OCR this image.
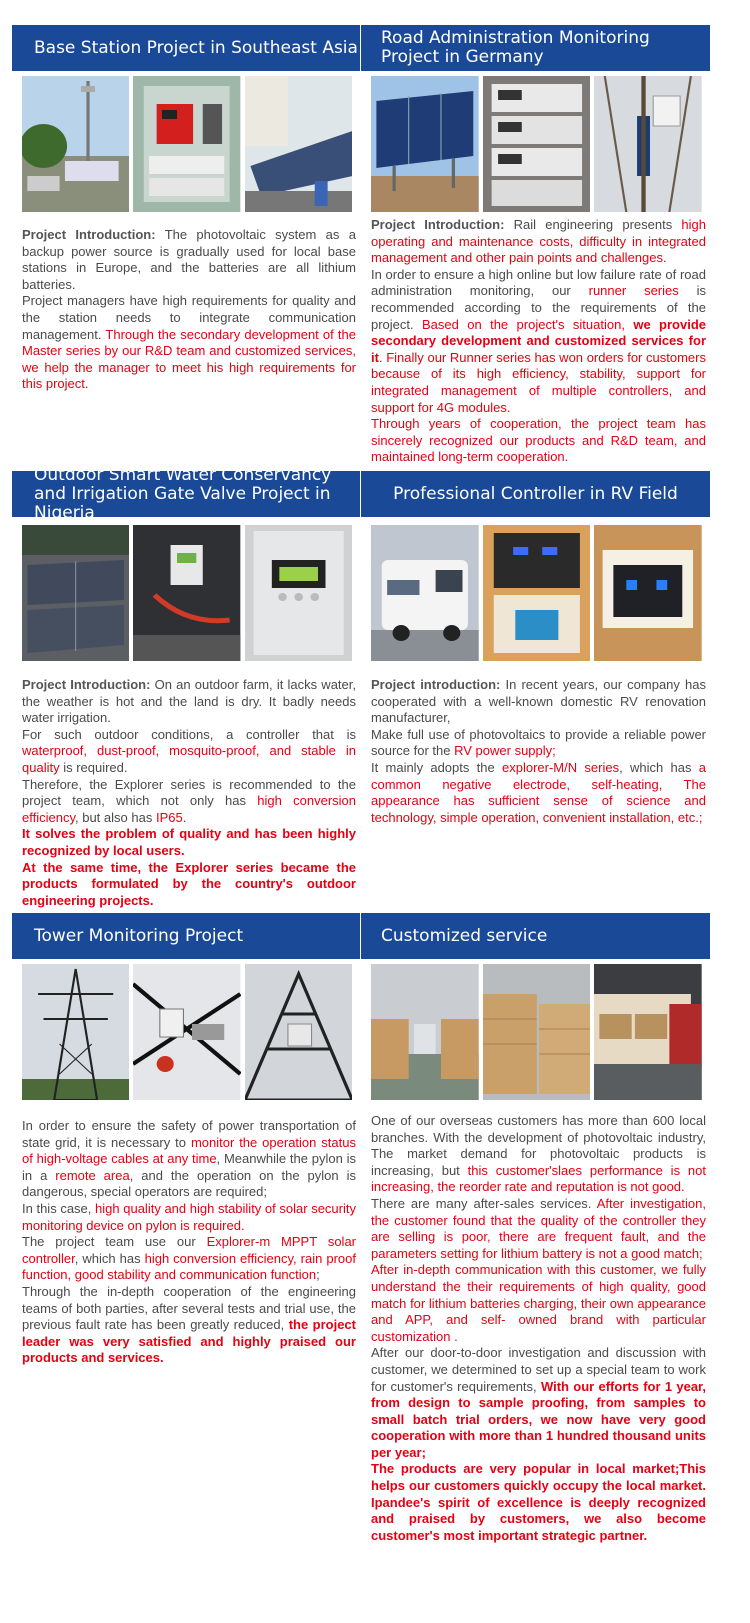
Base Station Project in Southeast Asia

Project Introduction: The photovoltaic system as a backup power source is gradually used for local base stations in Europe, and the batteries are all lithium batteries.

Project managers have high requirements for quality and the station needs to integrate communication management. Through the secondary development of the Master series by our R&D team and customized services, we help the manager to meet his high requirements for this project.

Road Administration Monitoring Project in Germany

Project Introduction: Rail engineering presents high operating and maintenance costs, difficulty in integrated management and other pain points and challenges.

In order to ensure a high online but low failure rate of road administration monitoring, our runner series is recommended according to the requirements of the project. Based on the project's situation, we provide secondary development and customized services for it. Finally our Runner series has won orders for customers because of its high efficiency, stability, support for integrated management of multiple controllers, and support for 4G modules.

Through years of cooperation, the project team has sincerely recognized our products and R&D team, and maintained long-term cooperation.

Outdoor Smart Water Conservancy and Irrigation Gate Valve Project in Nigeria

Project Introduction: On an outdoor farm, it lacks water, the weather is hot and the land is dry. It badly needs water irrigation.

For such outdoor conditions, a controller that is waterproof, dust-proof, mosquito-proof, and stable in quality is required.

Therefore, the Explorer series is recommended to the project team, which not only has high conversion efficiency, but also has IP65.

It solves the problem of quality and has been highly recognized by local users.

At the same time, the Explorer series became the products formulated by the country's outdoor engineering projects.

Professional Controller in RV Field

Project introduction: In recent years, our company has cooperated with a well-known domestic RV renovation manufacturer,

Make full use of photovoltaics to provide a reliable power source for the RV power supply;

It mainly adopts the explorer-M/N series, which has a common negative electrode, self-heating, The appearance has sufficient sense of science and technology, simple operation, convenient installation, etc.;

Tower Monitoring Project

In order to ensure the safety of power transportation of state grid, it is necessary to monitor the operation status of high-voltage cables at any time, Meanwhile the pylon is in a remote area, and the operation on the pylon is dangerous, special operators are required;

In this case, high quality and high stability of solar security monitoring device on pylon is required.

The project team use our Explorer-m MPPT solar controller, which has high conversion efficiency, rain proof function, good stability and communication function;

Through the in-depth cooperation of the engineering teams of both parties, after several tests and trial use, the previous fault rate has been greatly reduced, the project leader was very satisfied and highly praised our products and services.

Customized service

One of our overseas customers has more than 600 local branches. With the development of photovoltaic industry, The market demand for photovoltaic products is increasing, but this customer'slaes performance is not increasing, the reorder rate and reputation is not good.

There are many after-sales services. After investigation, the customer found that the quality of the controller they are selling is poor, there are frequent fault, and the parameters setting for lithium battery is not a good match;

After in-depth communication with this customer, we fully understand the their requirements of high quality, good match for lithium batteries charging, their own appearance and APP, and self- owned brand with particular customization .

After our door-to-door investigation and discussion with customer, we determined to set up a special team to work for customer's requirements, With our efforts for 1 year, from design to sample proofing, from samples to small batch trial orders, we now have very good cooperation with more than 1 hundred thousand units per year;

The products are very popular in local market;This helps our customers quickly occupy the local market. Ipandee's spirit of excellence is deeply recognized and praised by customers, we also become customer's most important strategic partner.
